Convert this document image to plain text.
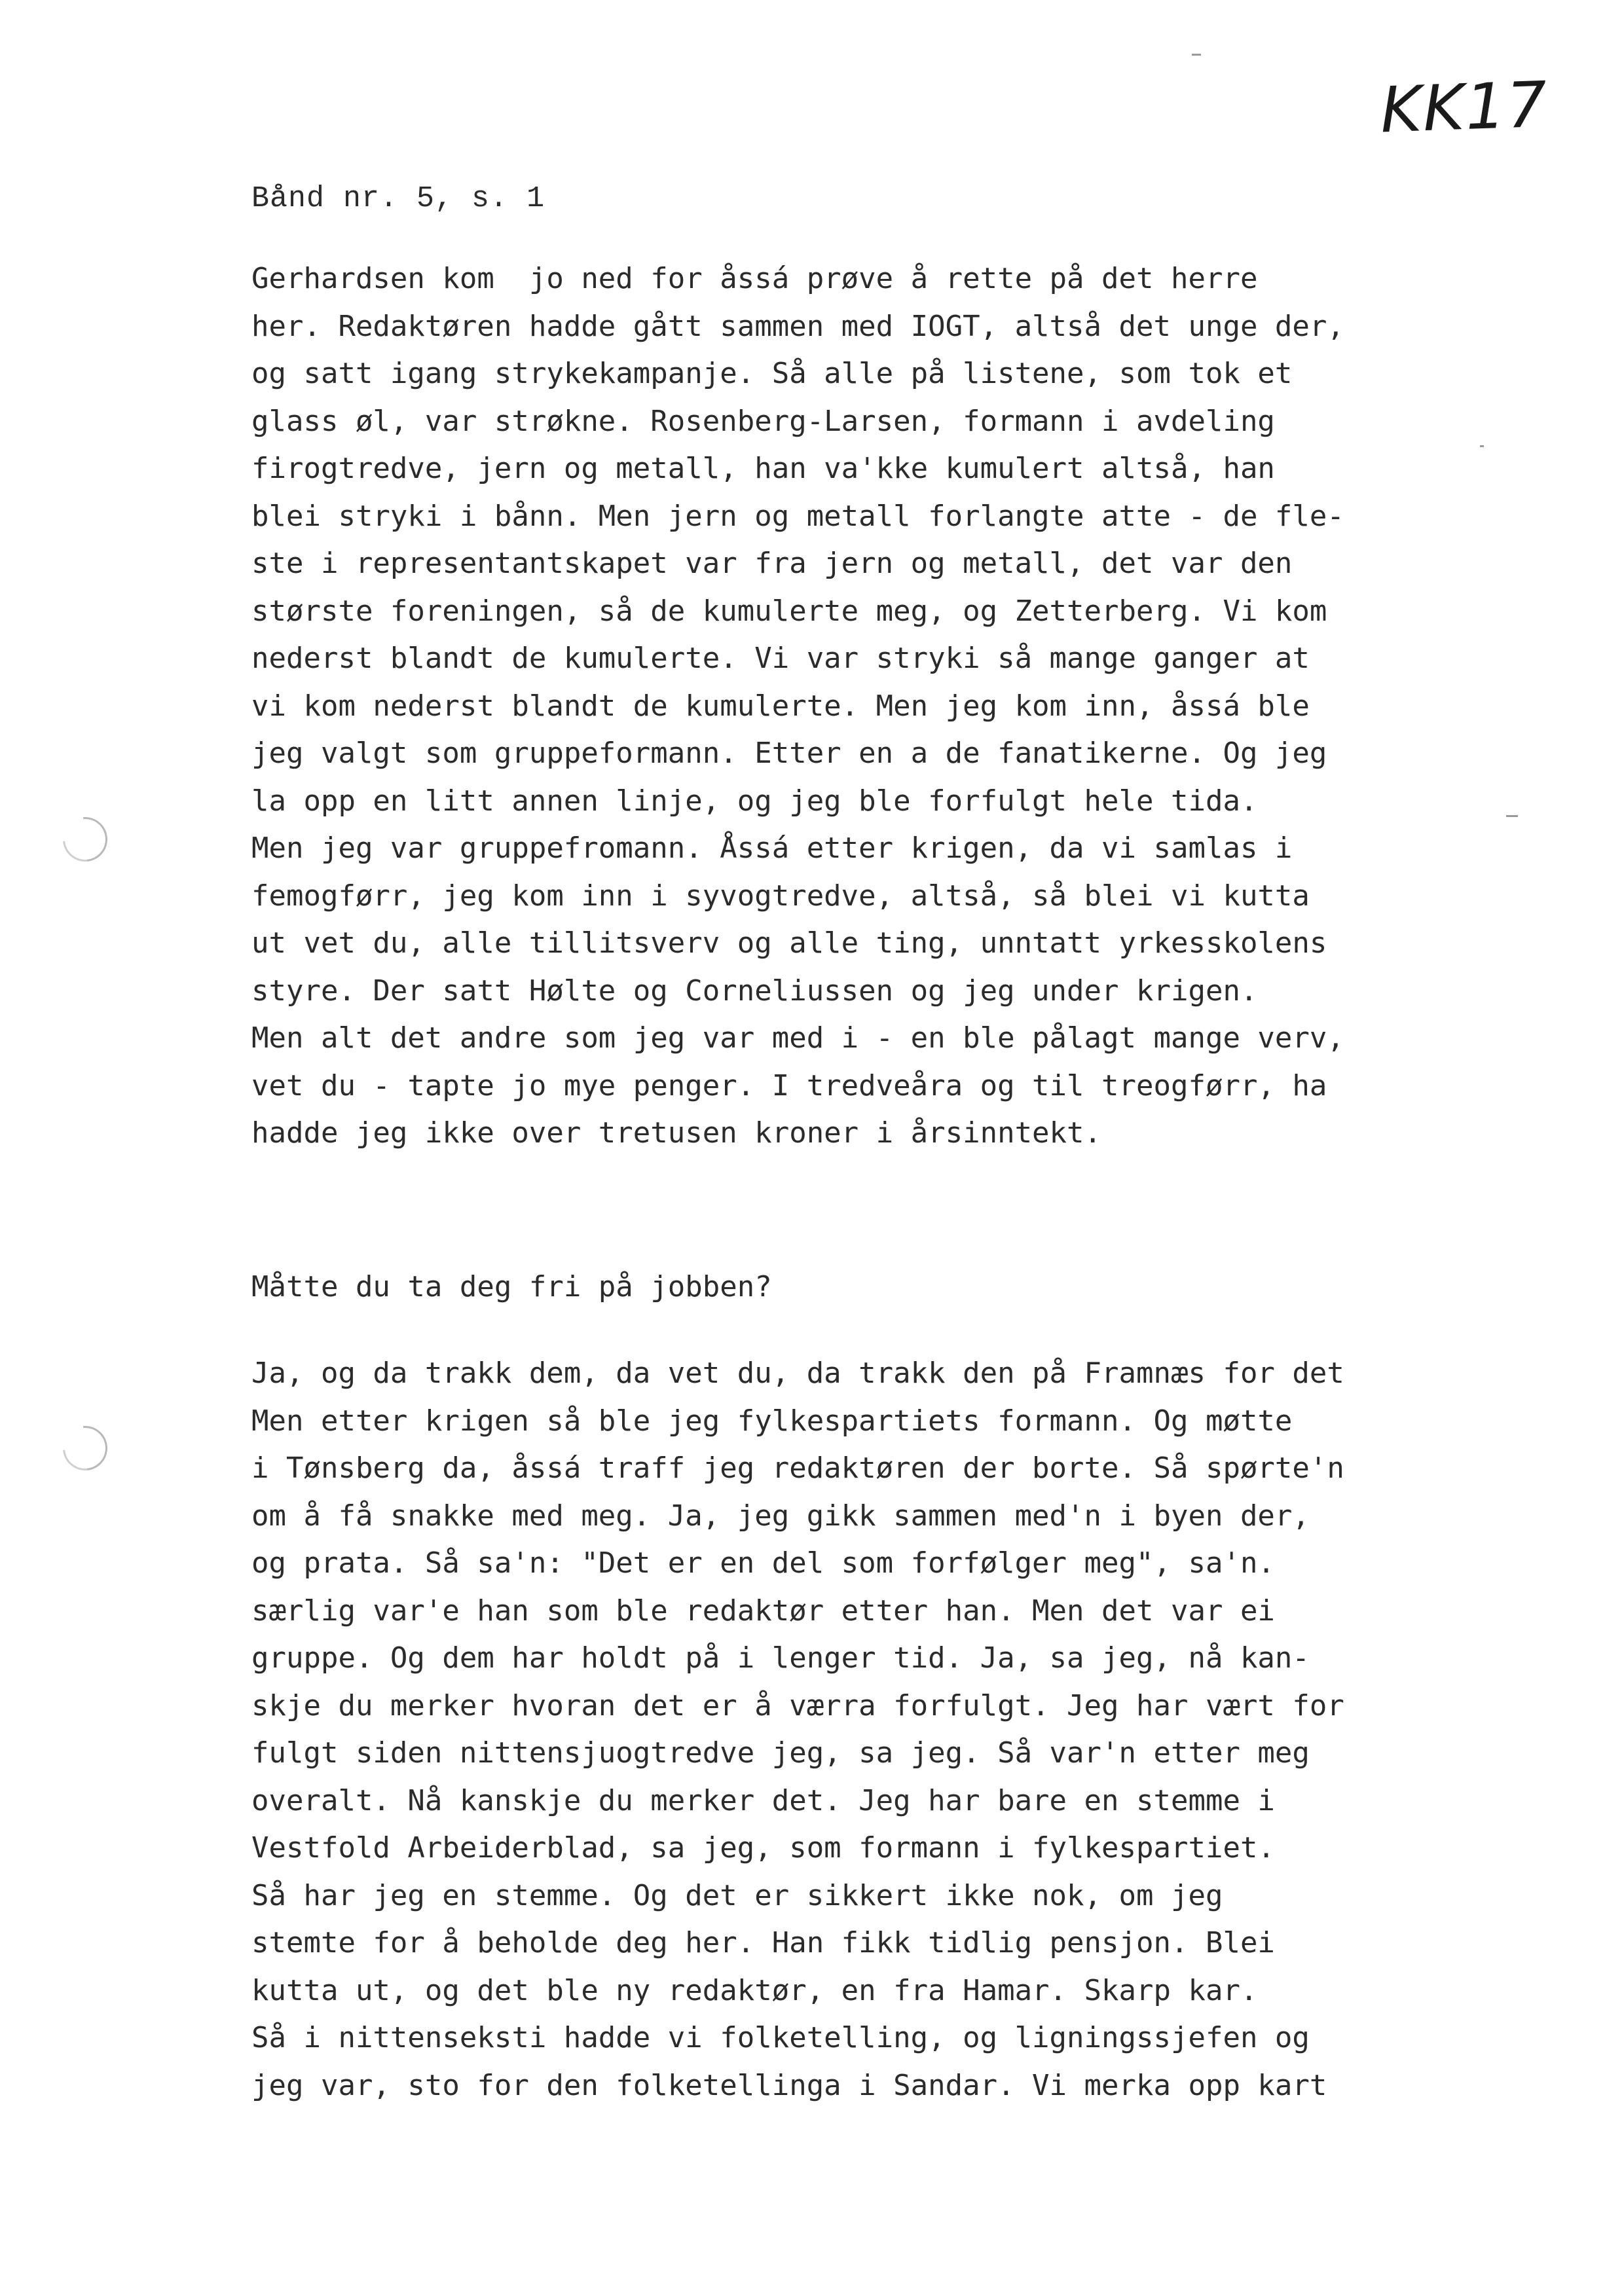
KK17
Bånd nr. 5, s. 1
Gerhardsen kom  jo ned for åssá prøve å rette på det herre
her. Redaktøren hadde gått sammen med IOGT, altså det unge der,
og satt igang strykekampanje. Så alle på listene, som tok et
glass øl, var strøkne. Rosenberg-Larsen, formann i avdeling
firogtredve, jern og metall, han va'kke kumulert altså, han
blei stryki i bånn. Men jern og metall forlangte atte - de fle-
ste i representantskapet var fra jern og metall, det var den
største foreningen, så de kumulerte meg, og Zetterberg. Vi kom
nederst blandt de kumulerte. Vi var stryki så mange ganger at
vi kom nederst blandt de kumulerte. Men jeg kom inn, åssá ble
jeg valgt som gruppeformann. Etter en a de fanatikerne. Og jeg
la opp en litt annen linje, og jeg ble forfulgt hele tida.
Men jeg var gruppefromann. Åssá etter krigen, da vi samlas i
femogførr, jeg kom inn i syvogtredve, altså, så blei vi kutta
ut vet du, alle tillitsverv og alle ting, unntatt yrkesskolens
styre. Der satt Hølte og Corneliussen og jeg under krigen.
Men alt det andre som jeg var med i - en ble pålagt mange verv,
vet du - tapte jo mye penger. I tredveåra og til treogførr, ha
hadde jeg ikke over tretusen kroner i årsinntekt.
Måtte du ta deg fri på jobben?
Ja, og da trakk dem, da vet du, da trakk den på Framnæs for det
Men etter krigen så ble jeg fylkespartiets formann. Og møtte
i Tønsberg da, åssá traff jeg redaktøren der borte. Så spørte'n
om å få snakke med meg. Ja, jeg gikk sammen med'n i byen der,
og prata. Så sa'n: "Det er en del som forfølger meg", sa'n.
særlig var'e han som ble redaktør etter han. Men det var ei
gruppe. Og dem har holdt på i lenger tid. Ja, sa jeg, nå kan-
skje du merker hvoran det er å værra forfulgt. Jeg har vært for
fulgt siden nittensjuogtredve jeg, sa jeg. Så var'n etter meg
overalt. Nå kanskje du merker det. Jeg har bare en stemme i
Vestfold Arbeiderblad, sa jeg, som formann i fylkespartiet.
Så har jeg en stemme. Og det er sikkert ikke nok, om jeg
stemte for å beholde deg her. Han fikk tidlig pensjon. Blei
kutta ut, og det ble ny redaktør, en fra Hamar. Skarp kar.
Så i nittenseksti hadde vi folketelling, og ligningssjefen og
jeg var, sto for den folketellinga i Sandar. Vi merka opp kart
